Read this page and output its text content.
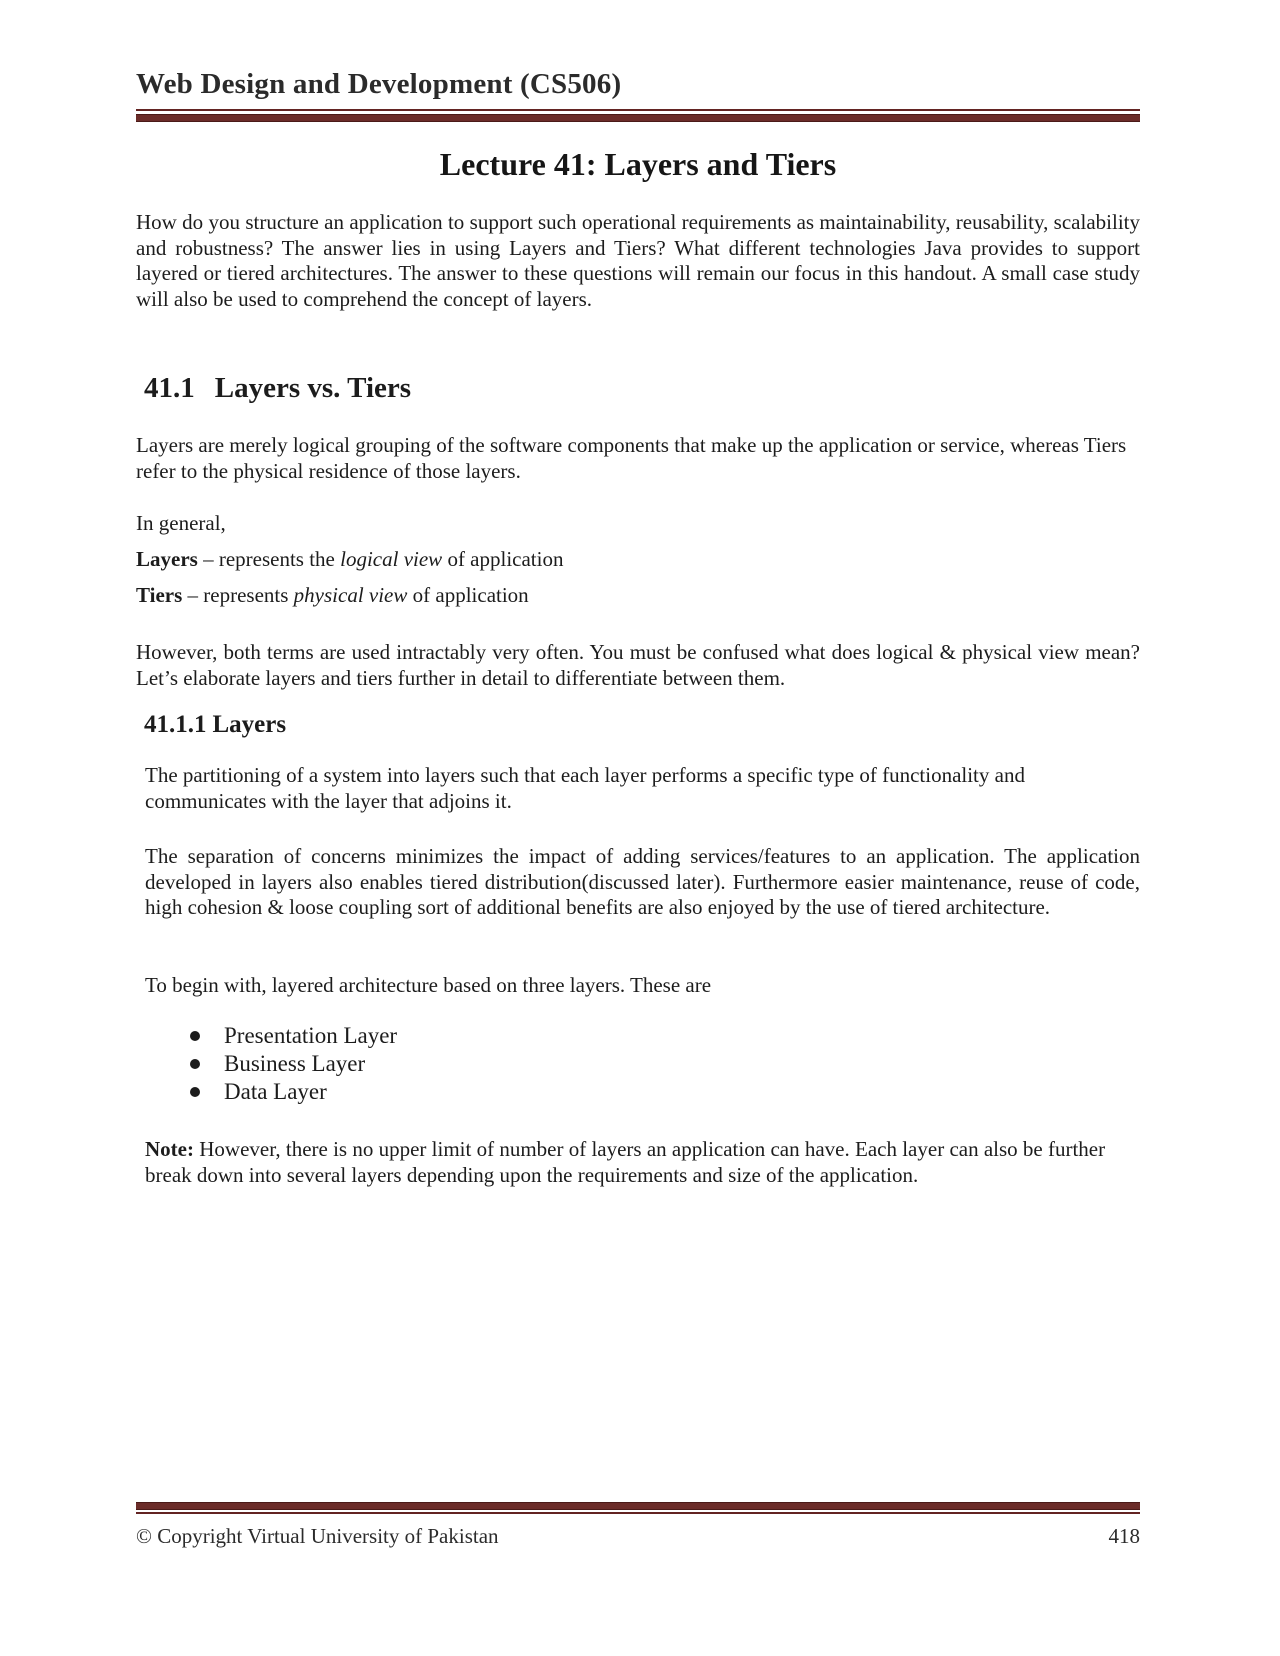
Web Design and Development (CS506)
Lecture 41: Layers and Tiers
How do you structure an application to support such operational requirements as maintainability, reusability, scalability and robustness? The answer lies in using Layers and Tiers? What different technologies Java provides to support layered or tiered architectures. The answer to these questions will remain our focus in this handout. A small case study will also be used to comprehend the concept of layers.
41.1 Layers vs. Tiers
Layers are merely logical grouping of the software components that make up the application or service, whereas Tiers refer to the physical residence of those layers.
In general,
Layers – represents the logical view of application
Tiers – represents physical view of application
However, both terms are used intractably very often. You must be confused what does logical & physical view mean? Let’s elaborate layers and tiers further in detail to differentiate between them.
41.1.1 Layers
The partitioning of a system into layers such that each layer performs a specific type of functionality and communicates with the layer that adjoins it.
The separation of concerns minimizes the impact of adding services/features to an application. The application developed in layers also enables tiered distribution(discussed later). Furthermore easier maintenance, reuse of code, high cohesion & loose coupling sort of additional benefits are also enjoyed by the use of tiered architecture.
To begin with, layered architecture based on three layers. These are
Presentation Layer
Business Layer
Data Layer
Note: However, there is no upper limit of number of layers an application can have. Each layer can also be further break down into several layers depending upon the requirements and size of the application.
© Copyright Virtual University of Pakistan	418
